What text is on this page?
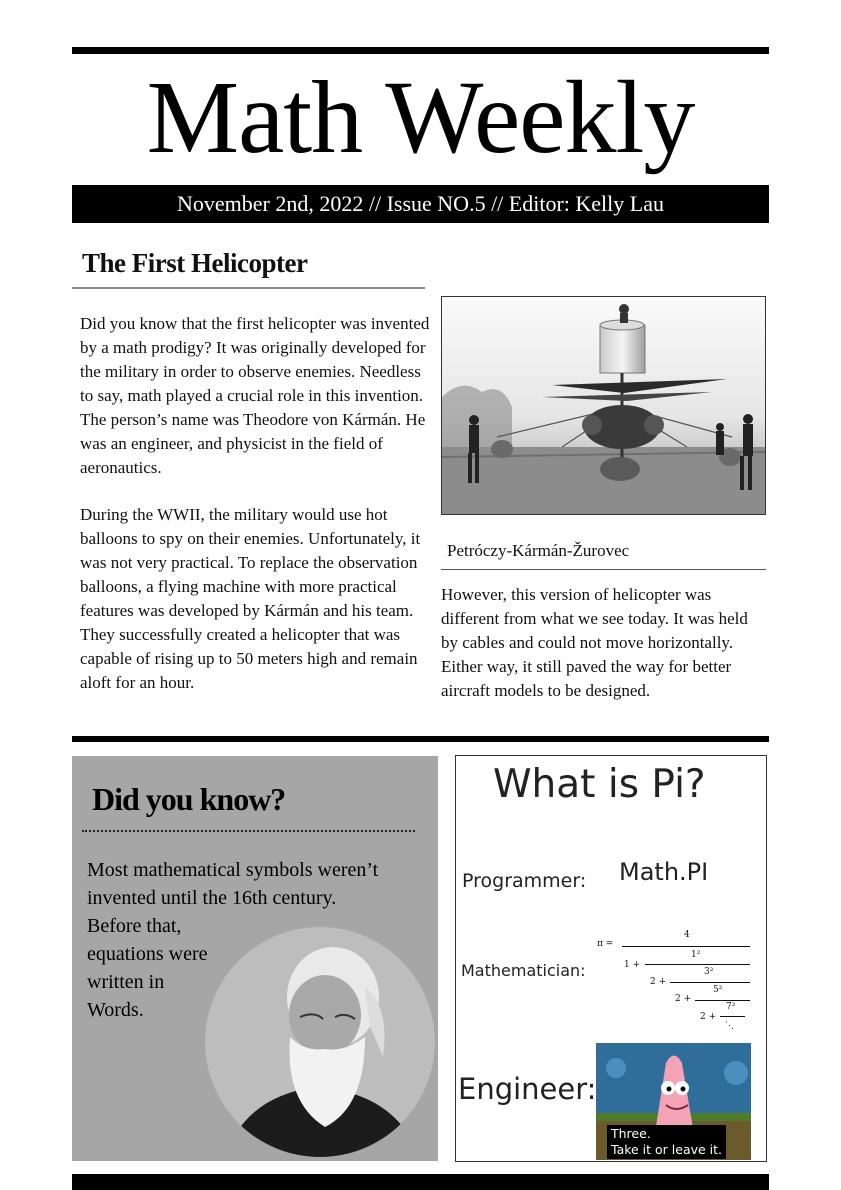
Math Weekly
November 2nd, 2022 // Issue NO.5 // Editor: Kelly Lau
The First Helicopter
Did you know that the first helicopter was invented by a math prodigy? It was originally developed for the military in order to observe enemies. Needless to say, math played a crucial role in this invention. The person’s name was Theodore von Kármán. He was an engineer, and physicist in the field of aeronautics.
During the WWII, the military would use hot balloons to spy on their enemies. Unfortunately, it was not very practical. To replace the observation balloons, a flying machine with more practical features was developed by Kármán and his team. They successfully created a helicopter that was capable of rising up to 50 meters high and remain aloft for an hour.
Petróczy-Kármán-Žurovec
However, this version of helicopter was different from what we see today. It was held by cables and could not move horizontally. Either way, it still paved the way for better aircraft models to be designed.
Did you know?
Most mathematical symbols weren’t
invented until the 16th century.
Before that,
equations were
written in
Words.
What is Pi?
Programmer: Math.PI
Mathematician:
π =
4
1 +
1²
2 +
3²
2 +
5²
2 +
7²
⋱
Engineer:
Three.
Take it or leave it.
